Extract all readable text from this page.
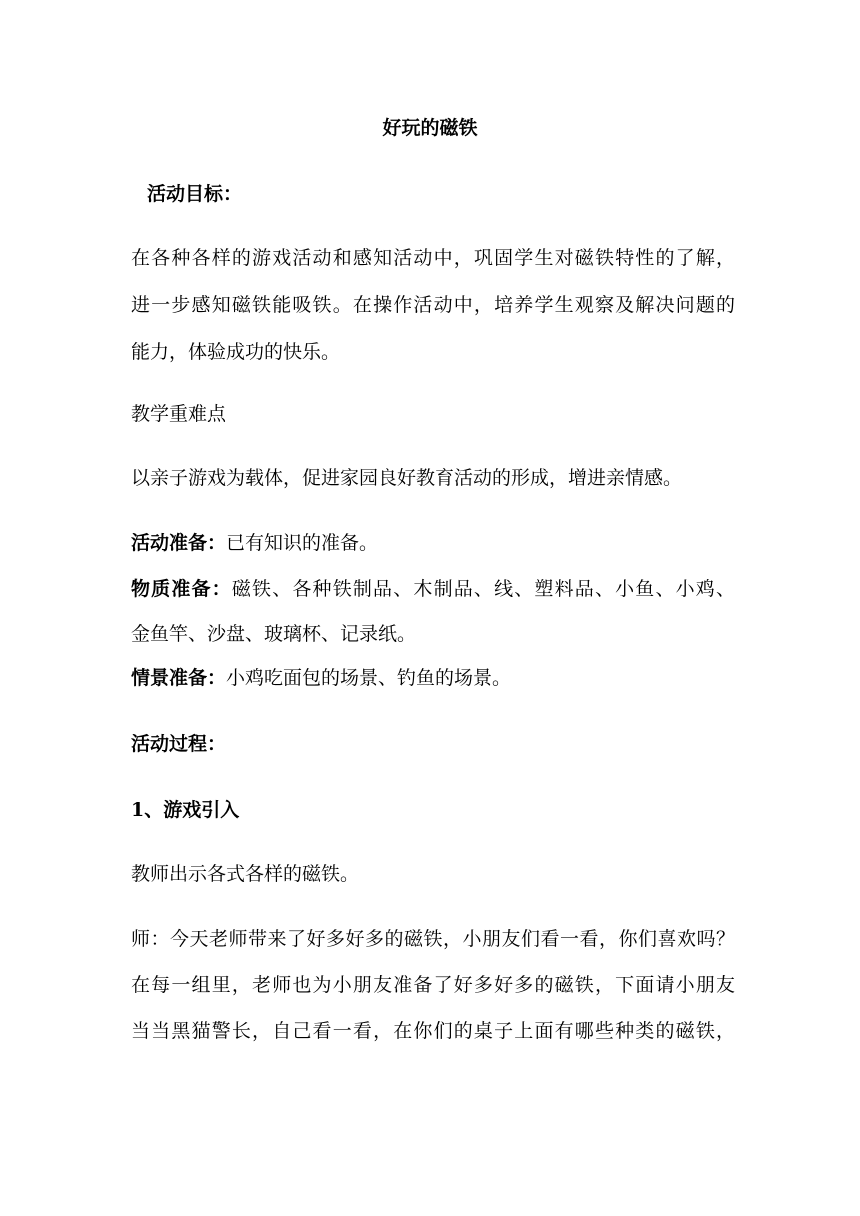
好玩的磁铁
活动目标：
在各种各样的游戏活动和感知活动中，巩固学生对磁铁特性的了解，
进一步感知磁铁能吸铁。在操作活动中，培养学生观察及解决问题的
能力，体验成功的快乐。
教学重难点
以亲子游戏为载体，促进家园良好教育活动的形成，增进亲情感。
活动准备：已有知识的准备。
物质准备：磁铁、各种铁制品、木制品、线、塑料品、小鱼、小鸡、
金鱼竿、沙盘、玻璃杯、记录纸。
情景准备：小鸡吃面包的场景、钓鱼的场景。
活动过程：
1、游戏引入
教师出示各式各样的磁铁。
师：今天老师带来了好多好多的磁铁，小朋友们看一看，你们喜欢吗？
在每一组里，老师也为小朋友准备了好多好多的磁铁，下面请小朋友
当当黑猫警长，自己看一看，在你们的桌子上面有哪些种类的磁铁，
